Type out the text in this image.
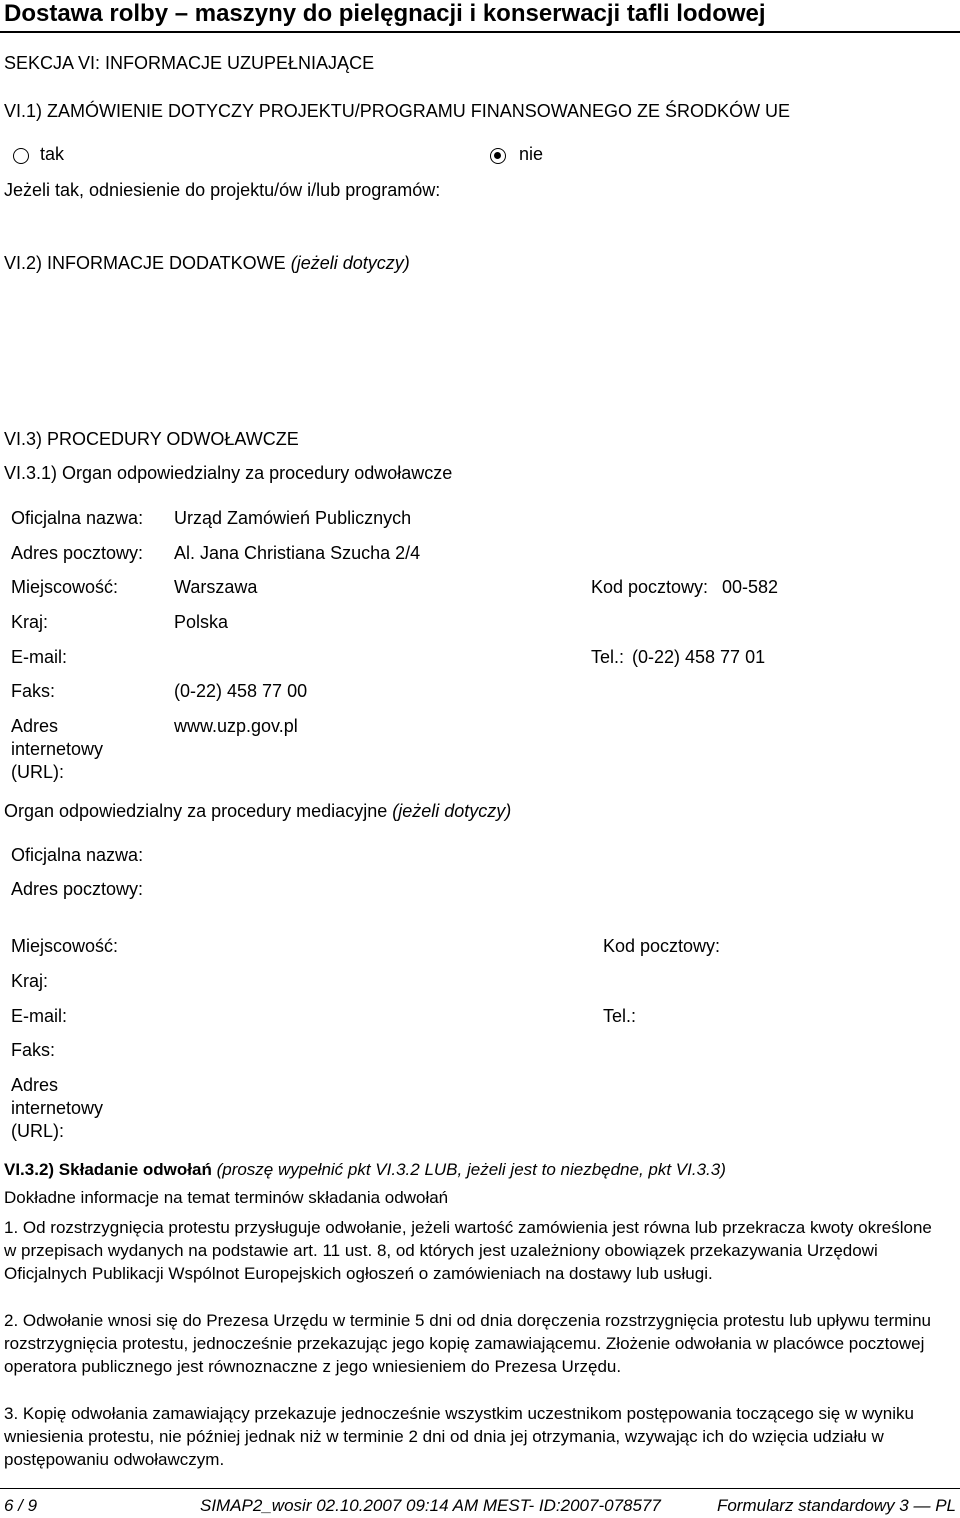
Dostawa rolby – maszyny do pielęgnacji i konserwacji tafli lodowej
SEKCJA VI: INFORMACJE UZUPEŁNIAJĄCE
VI.1) ZAMÓWIENIE DOTYCZY PROJEKTU/PROGRAMU FINANSOWANEGO ZE ŚRODKÓW UE
tak	nie
Jeżeli tak, odniesienie do projektu/ów i/lub programów:
VI.2) INFORMACJE DODATKOWE (jeżeli dotyczy)
VI.3) PROCEDURY ODWOŁAWCZE
VI.3.1) Organ odpowiedzialny za procedury odwoławcze
Oficjalna nazwa: Urząd Zamówień Publicznych
Adres pocztowy: Al. Jana Christiana Szucha 2/4
Miejscowość:	Warszawa	Kod pocztowy: 00-582
Kraj:	Polska
E-mail:	Tel.: (0-22) 458 77 01
Faks:	(0-22) 458 77 00
Adres
internetowy
(URL):
www.uzp.gov.pl
Organ odpowiedzialny za procedury mediacyjne (jeżeli dotyczy)
Oficjalna nazwa:
Adres pocztowy:
Miejscowość:	Kod pocztowy:
Kraj:
E-mail:	Tel.:
Faks:
Adres
internetowy
(URL):
VI.3.2) Składanie odwołań (proszę wypełnić pkt VI.3.2 LUB, jeżeli jest to niezbędne, pkt VI.3.3)
Dokładne informacje na temat terminów składania odwołań
1. Od rozstrzygnięcia protestu przysługuje odwołanie, jeżeli wartość zamówienia jest równa lub przekracza kwoty określone w przepisach wydanych na podstawie art. 11 ust. 8, od których jest uzależniony obowiązek przekazywania Urzędowi Oficjalnych Publikacji Wspólnot Europejskich ogłoszeń o zamówieniach na dostawy lub usługi.
2. Odwołanie wnosi się do Prezesa Urzędu w terminie 5 dni od dnia doręczenia rozstrzygnięcia protestu lub upływu terminu rozstrzygnięcia protestu, jednocześnie przekazując jego kopię zamawiającemu. Złożenie odwołania w placówce pocztowej operatora publicznego jest równoznaczne z jego wniesieniem do Prezesa Urzędu.
3. Kopię odwołania zamawiający przekazuje jednocześnie wszystkim uczestnikom postępowania toczącego się w wyniku wniesienia protestu, nie później jednak niż w terminie 2 dni od dnia jej otrzymania, wzywając ich do wzięcia udziału w postępowaniu odwoławczym.
6 / 9	SIMAP2_wosir 02.10.2007 09:14 AM MEST- ID:2007-078577	Formularz standardowy 3 — PL
